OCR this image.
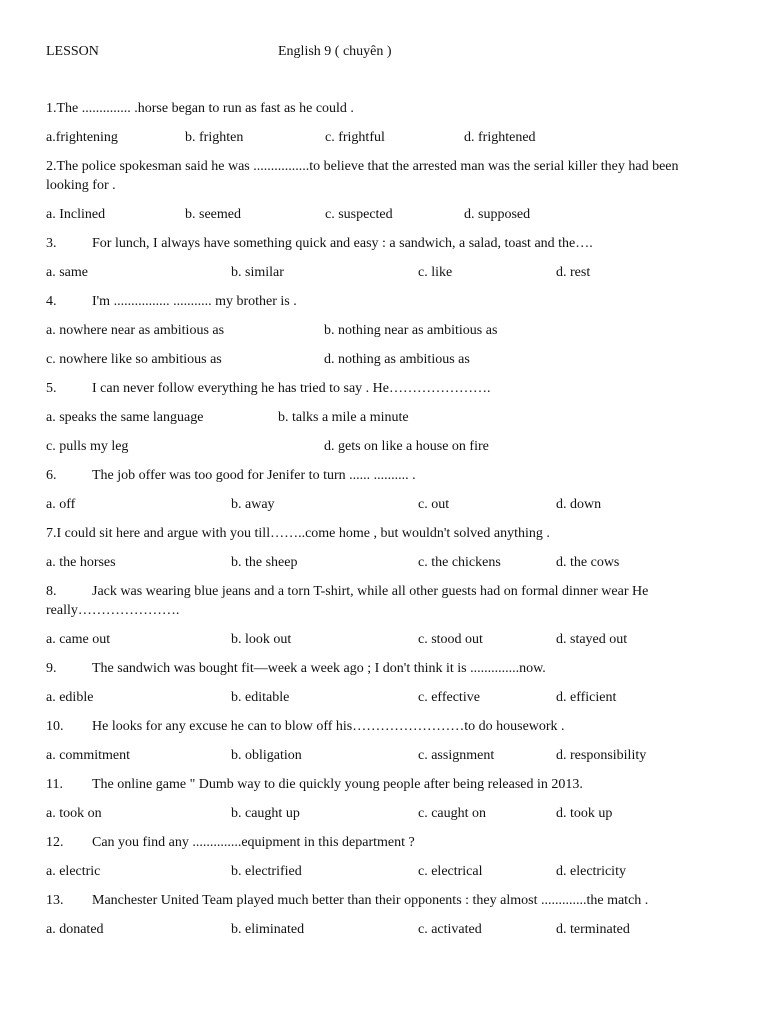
LESSON	English 9 ( chuyên )
1.The .............. .horse began to run as fast as he could .
a.frightening	b. frighten	c. frightful	d. frightened
2.The police spokesman said he was ................to believe that the arrested man was the serial killer they had been looking for .
a. Inclined	b. seemed	c. suspected	d. supposed
3.	For lunch, I always have something quick and easy : a sandwich, a salad, toast and the….
a. same	b. similar	c. like	d. rest
4.	I'm ................ ........... my brother is .
a. nowhere near as ambitious as	b. nothing near as ambitious as
c. nowhere like so ambitious as	d. nothing as ambitious as
5.	I can never follow everything he has tried to say . He………………….
a. speaks the same language	b. talks a mile a minute
c. pulls my leg	d. gets on like a house on fire
6.	The job offer was too good for Jenifer to turn ...... .......... .
a. off	b. away	c. out	d. down
7.I could sit here and argue with you till……..come home , but wouldn't solved anything .
a. the horses	b. the sheep	c. the chickens	d. the cows
8.	Jack was wearing blue jeans and a torn T-shirt, while all other guests had on formal dinner wear He really………………….
a. came out	b. look out	c. stood out	d. stayed out
9.	The sandwich was bought fit—week a week ago ; I don't think it is ..............now.
a. edible	b. editable	c. effective	d. efficient
10. He looks for any excuse he can to blow off his……………………to do housework .
a. commitment	b. obligation	c. assignment	d. responsibility
11. The online game " Dumb way to die quickly young people after being released in 2013.
a. took on	b. caught up	c. caught on	d. took up
12. Can you find any ..............equipment in this department ?
a. electric	b. electrified	c. electrical	d. electricity
13. Manchester United Team played much better than their opponents : they almost .............the match .
a. donated	b. eliminated	c. activated	d. terminated
